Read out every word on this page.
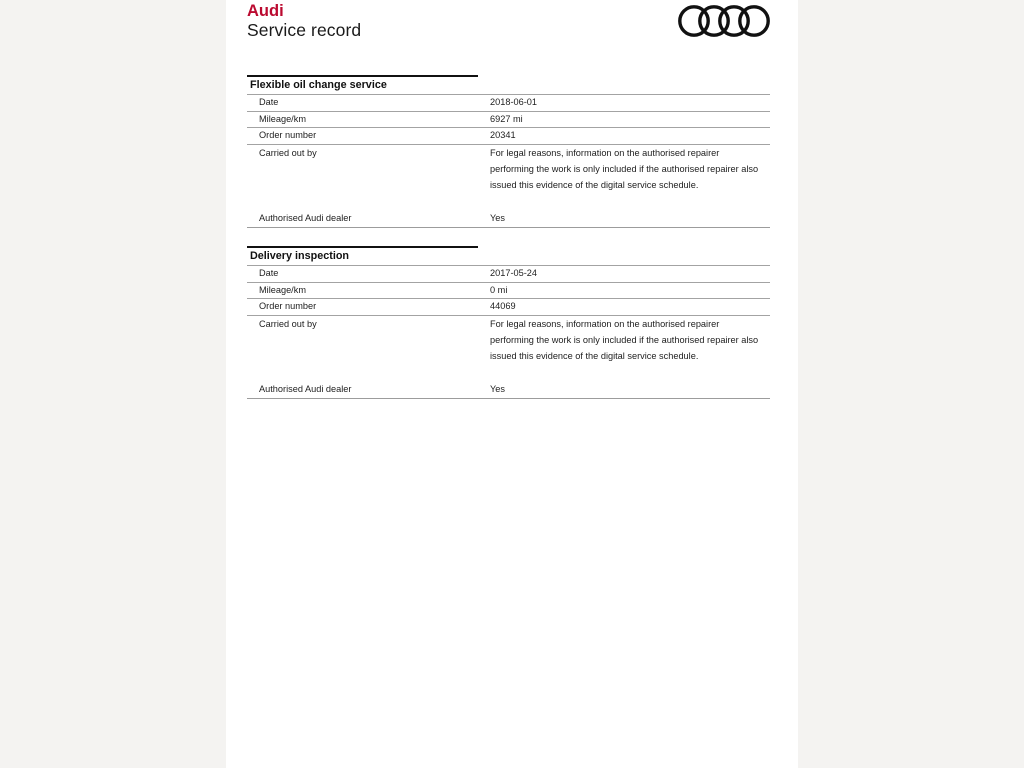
Audi
Service record
Flexible oil change service
Date	2018-06-01
Mileage/km	6927 mi
Order number	20341
Carried out by	For legal reasons, information on the authorised repairer
performing the work is only included if the authorised repairer also
issued this evidence of the digital service schedule.
Authorised Audi dealer	Yes
Delivery inspection
Date	2017-05-24
Mileage/km	0 mi
Order number	44069
Carried out by	For legal reasons, information on the authorised repairer
performing the work is only included if the authorised repairer also
issued this evidence of the digital service schedule.
Authorised Audi dealer	Yes
